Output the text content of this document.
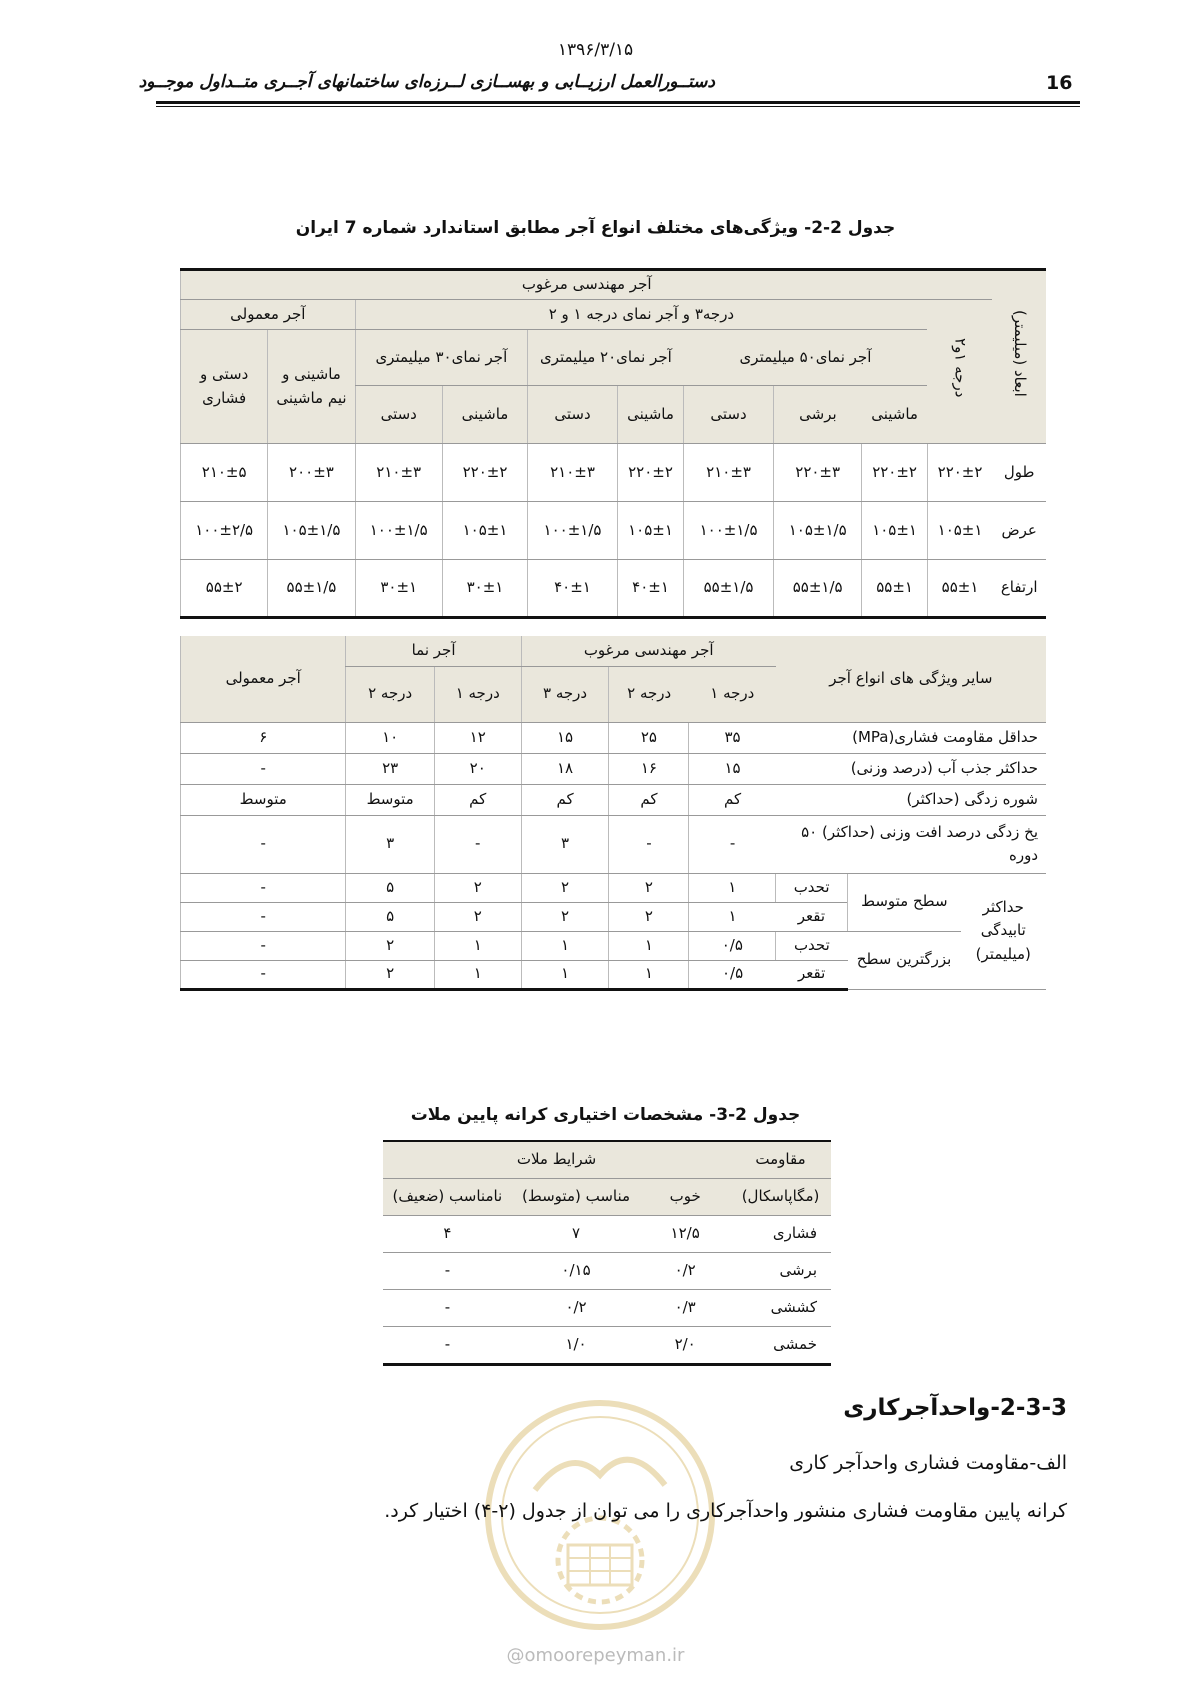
۱۳۹۶/۳/۱۵
دستــورالعمل ارزیــابی و بهســازی لــرزه‌ای ساختمانهای آجــری متــداول موجــود	16
جدول 2-2- ویژگی‌های مختلف انواع آجر مطابق استاندارد شماره 7 ایران
ابعاد (میلیمتر)	آجر مهندسی مرغوب									
	درجه ۱و۲	درجه۳ و آجر نمای درجه ۱ و ۲							آجر معمولی	
		آجر نمای۵۰ میلیمتری			آجر نمای۲۰ میلیمتری		آجر نمای۳۰ میلیمتری		ماشینی و نیم ماشینی	دستی و فشاری
		ماشینی	برشی	دستی	ماشینی	دستی	ماشینی	دستی		
طول	۲۲۰±۲	۲۲۰±۲	۲۲۰±۳	۲۱۰±۳	۲۲۰±۲	۲۱۰±۳	۲۲۰±۲	۲۱۰±۳	۲۰۰±۳	۲۱۰±۵
عرض	۱۰۵±۱	۱۰۵±۱	۱۰۵±۱/۵	۱۰۰±۱/۵	۱۰۵±۱	۱۰۰±۱/۵	۱۰۵±۱	۱۰۰±۱/۵	۱۰۵±۱/۵	۱۰۰±۲/۵
ارتفاع	۵۵±۱	۵۵±۱	۵۵±۱/۵	۵۵±۱/۵	۴۰±۱	۴۰±۱	۳۰±۱	۳۰±۱	۵۵±۱/۵	۵۵±۲
سایر ویژگی های انواع آجر			آجر مهندسی مرغوب			آجر نما		آجر معمولی
			درجه ۱	درجه ۲	درجه ۳	درجه ۱	درجه ۲	
حداقل مقاومت فشاری(MPa)			۳۵	۲۵	۱۵	۱۲	۱۰	۶
حداکثر جذب آب (درصد وزنی)			۱۵	۱۶	۱۸	۲۰	۲۳	-
شوره زدگی (حداکثر)			کم	کم	کم	کم	متوسط	متوسط
یخ زدگی درصد افت وزنی (حداکثر) ۵۰ دوره			-	-	۳	-	۳	-
حداکثر تابیدگی (میلیمتر)	سطح متوسط	تحدب	۱	۲	۲	۲	۵	-
		تقعر	۱	۲	۲	۲	۵	-
	بزرگترین سطح	تحدب	۰/۵	۱	۱	۱	۲	-
		تقعر	۰/۵	۱	۱	۱	۲	-
جدول 2-3- مشخصات اختیاری کرانه پایین ملات
مقاومت	شرایط ملات		
(مگاپاسکال)	خوب	مناسب (متوسط)	نامناسب (ضعیف)
فشاری	۱۲/۵	۷	۴
برشی	۰/۲	۰/۱۵	-
کششی	۰/۳	۰/۲	-
خمشی	۲/۰	۱/۰	-
2-3-3-واحدآجرکاری
الف-مقاومت فشاری واحدآجر کاری
کرانه پایین مقاومت فشاری منشور واحدآجرکاری را می توان از جدول (۲-۴) اختیار کرد.
@omoorepeyman.ir
